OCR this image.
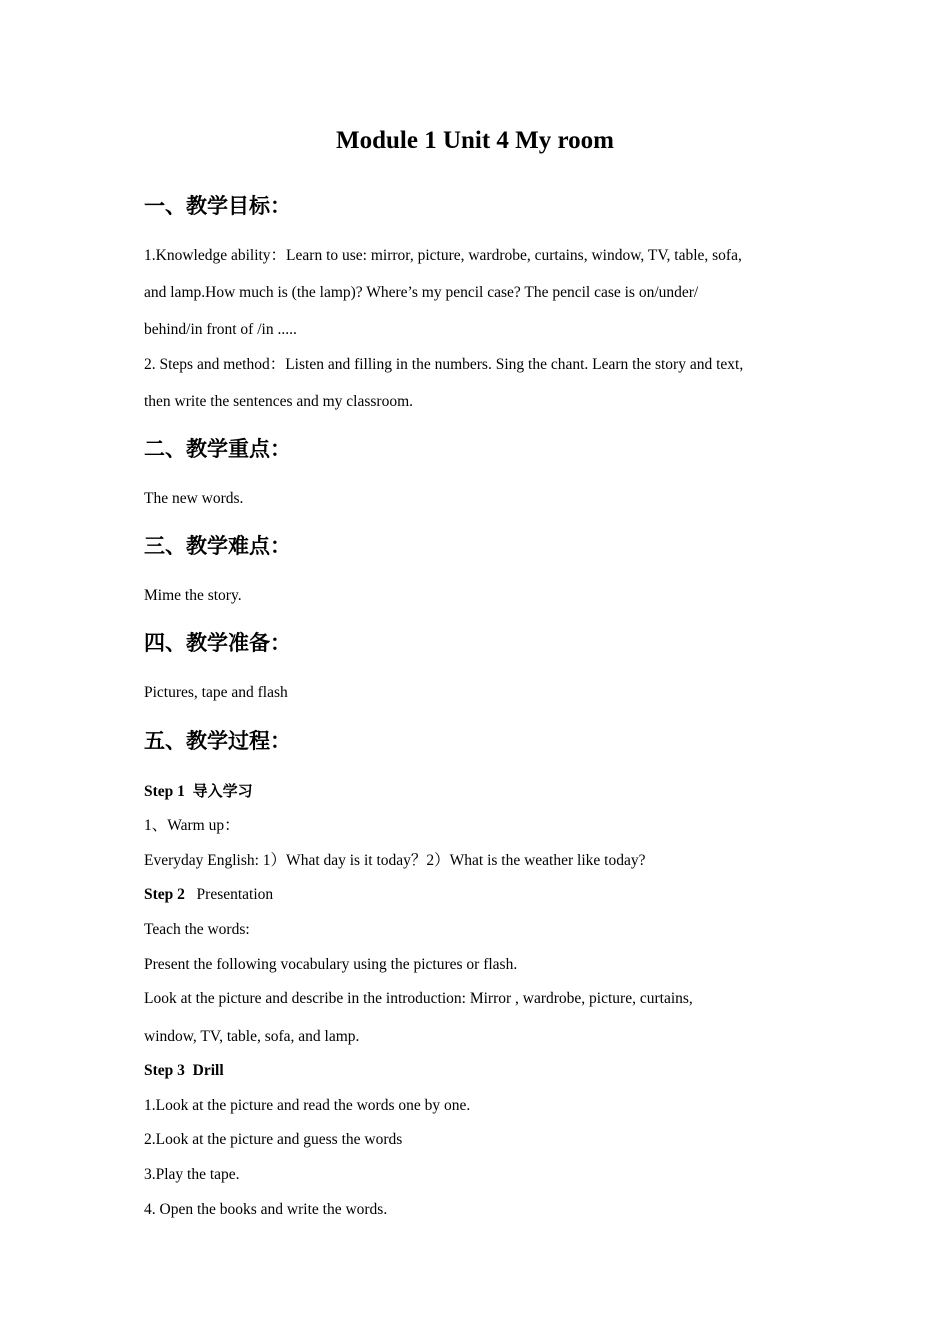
Module 1 Unit 4 My room
一、教学目标：
1.Knowledge ability：Learn to use: mirror, picture, wardrobe, curtains, window, TV, table, sofa,
and lamp.How much is (the lamp)? Where’s my pencil case? The pencil case is on/under/
behind/in front of /in .....
2. Steps and method：Listen and filling in the numbers. Sing the chant. Learn the story and text,
then write the sentences and my classroom.
二、教学重点：
The new words.
三、教学难点：
Mime the story.
四、教学准备：
Pictures, tape and flash
五、教学过程：
Step 1 导入学习
1、Warm up：
Everyday English: 1）What day is it today？2）What is the weather like today?
Step 2 Presentation
Teach the words:
Present the following vocabulary using the pictures or flash.
Look at the picture and describe in the introduction: Mirror , wardrobe, picture, curtains,
window, TV, table, sofa, and lamp.
Step 3 Drill
1.Look at the picture and read the words one by one.
2.Look at the picture and guess the words
3.Play the tape.
4. Open the books and write the words.
